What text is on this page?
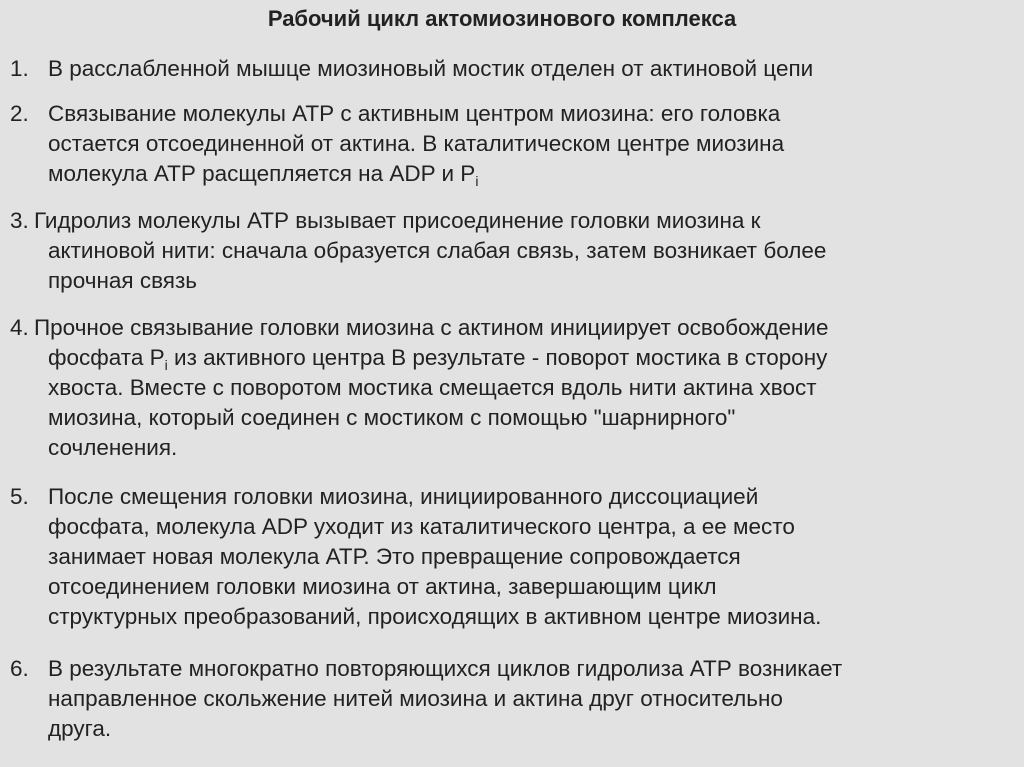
Рабочий цикл актомиозинового комплекса
1. В расслабленной мышце миозиновый мостик отделен от актиновой цепи
2. Связывание молекулы АТР с активным центром миозина: его головка
остается отсоединенной от актина. В каталитическом центре миозина
молекула АТР расщепляется на ADP и $P_i$
3. Гидролиз молекулы АТР вызывает присоединение головки миозина к
актиновой нити: сначала образуется слабая связь, затем возникает более
прочная связь
4. Прочное связывание головки миозина с актином инициирует освобождение
фосфата $P_i$ из активного центра В результате - поворот мостика в сторону
хвоста. Вместе с поворотом мостика смещается вдоль нити актина хвост
миозина, который соединен с мостиком с помощью "шарнирного"
сочленения.
5. После смещения головки миозина, инициированного диссоциацией
фосфата, молекула ADP уходит из каталитического центра, а ее место
занимает новая молекула АТР. Это превращение сопровождается
отсоединением головки миозина от актина, завершающим цикл
структурных преобразований, происходящих в активном центре миозина.
6. В результате многократно повторяющихся циклов гидролиза АТР возникает
направленное скольжение нитей миозина и актина друг относительно
друга.
